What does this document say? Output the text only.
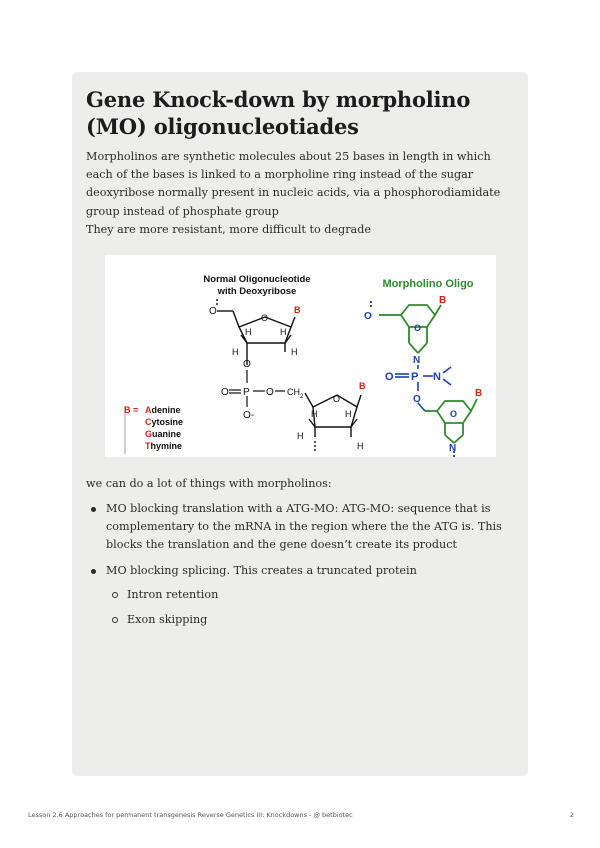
Gene Knock-down by morpholino (MO) oligonucleotiades

Morpholinos are synthetic molecules about 25 bases in length in which each of the bases is linked to a morpholine ring instead of the sugar deoxyribose normally present in nucleic acids, via a phosphorodiamidate group instead of phosphate group

They are more resistant, more difficult to degrade

Normal Oligonucleotide
with Deoxyribose
Morpholino Oligo
O
O
B
H	H
H	H
O
O P O CH 2
O-
O
B
H	H
H
H
B = Adenine
Cytosine
Guanine
Thymine
O
O
B
N
O P N
O
O
B
N

we can do a lot of things with morpholinos:

MO blocking translation with a ATG-MO: ATG-MO: sequence that is complementary to the mRNA in the region where the the ATG is. This blocks the translation and the gene doesn’t create its product
MO blocking splicing. This creates a truncated protein
Intron retention
Exon skipping
Lesson 2.6 Approaches for permanent transgenesis Reverse Genetics III: Knockdowns - @ betbiotec	2
